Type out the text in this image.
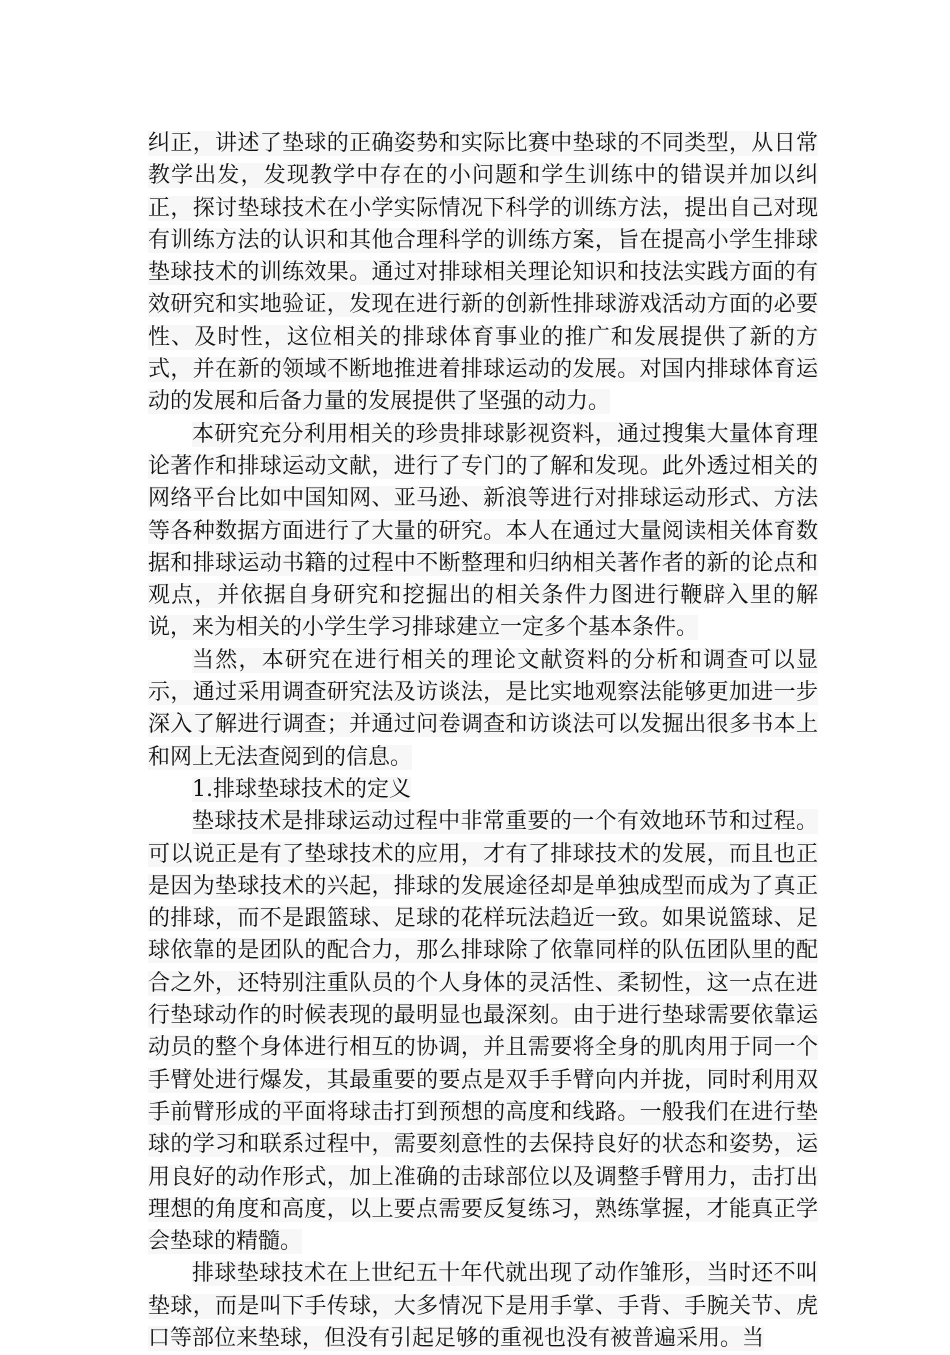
纠正，讲述了垫球的正确姿势和实际比赛中垫球的不同类型，从日常教学出发，发现教学中存在的小问题和学生训练中的错误并加以纠正，探讨垫球技术在小学实际情况下科学的训练方法，提出自己对现有训练方法的认识和其他合理科学的训练方案，旨在提高小学生排球垫球技术的训练效果。通过对排球相关理论知识和技法实践方面的有效研究和实地验证，发现在进行新的创新性排球游戏活动方面的必要性、及时性，这位相关的排球体育事业的推广和发展提供了新的方式，并在新的领域不断地推进着排球运动的发展。对国内排球体育运动的发展和后备力量的发展提供了坚强的动力。

本研究充分利用相关的珍贵排球影视资料，通过搜集大量体育理论著作和排球运动文献，进行了专门的了解和发现。此外透过相关的网络平台比如中国知网、亚马逊、新浪等进行对排球运动形式、方法等各种数据方面进行了大量的研究。本人在通过大量阅读相关体育数据和排球运动书籍的过程中不断整理和归纳相关著作者的新的论点和观点，并依据自身研究和挖掘出的相关条件力图进行鞭辟入里的解说，来为相关的小学生学习排球建立一定多个基本条件。

当然，本研究在进行相关的理论文献资料的分析和调查可以显示，通过采用调查研究法及访谈法，是比实地观察法能够更加进一步深入了解进行调查；并通过问卷调查和访谈法可以发掘出很多书本上和网上无法查阅到的信息。

1.排球垫球技术的定义

垫球技术是排球运动过程中非常重要的一个有效地环节和过程。可以说正是有了垫球技术的应用，才有了排球技术的发展，而且也正是因为垫球技术的兴起，排球的发展途径却是单独成型而成为了真正的排球，而不是跟篮球、足球的花样玩法趋近一致。如果说篮球、足球依靠的是团队的配合力，那么排球除了依靠同样的队伍团队里的配合之外，还特别注重队员的个人身体的灵活性、柔韧性，这一点在进行垫球动作的时候表现的最明显也最深刻。由于进行垫球需要依靠运动员的整个身体进行相互的协调，并且需要将全身的肌肉用于同一个手臂处进行爆发，其最重要的要点是双手手臂向内并拢，同时利用双手前臂形成的平面将球击打到预想的高度和线路。一般我们在进行垫球的学习和联系过程中，需要刻意性的去保持良好的状态和姿势，运用良好的动作形式，加上准确的击球部位以及调整手臂用力，击打出理想的角度和高度，以上要点需要反复练习，熟练掌握，才能真正学会垫球的精髓。

排球垫球技术在上世纪五十年代就出现了动作雏形，当时还不叫垫球，而是叫下手传球，大多情况下是用手掌、手背、手腕关节、虎口等部位来垫球，但没有引起足够的重视也没有被普遍采用。当
